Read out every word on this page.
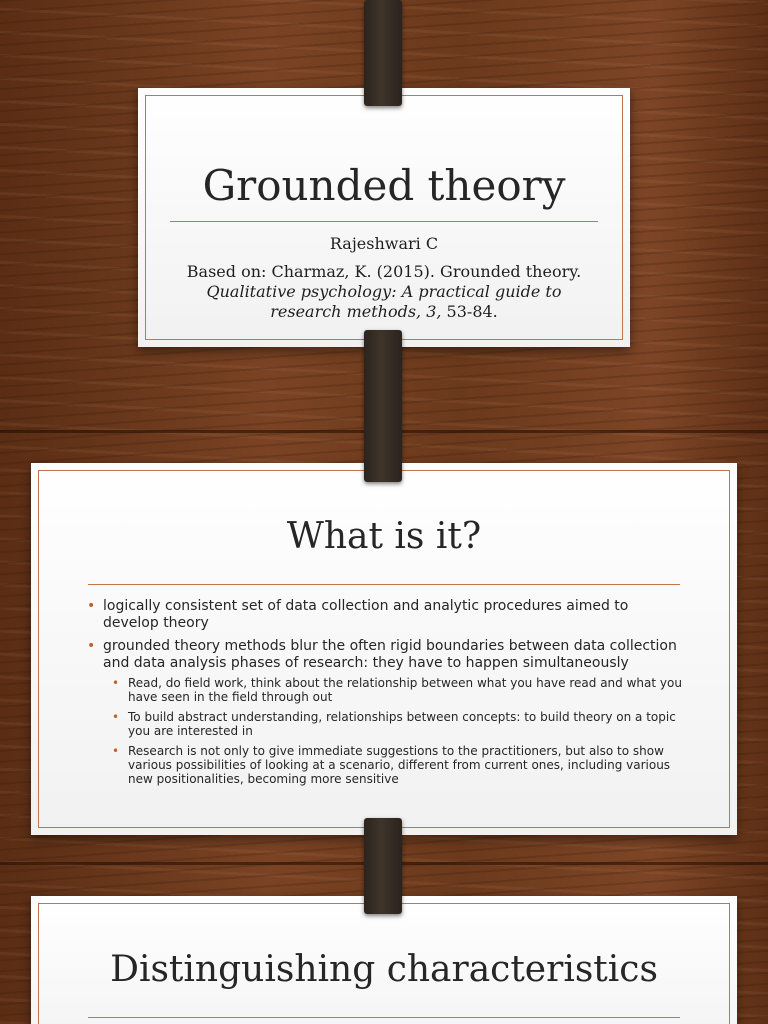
Grounded theory

Rajeshwari C

Based on: Charmaz, K. (2015). Grounded theory.
Qualitative psychology: A practical guide to
research methods, 3, 53-84.

What is it?
• logically consistent set of data collection and analytic procedures aimed to develop theory
• grounded theory methods blur the often rigid boundaries between data collection and data analysis phases of research: they have to happen simultaneously
• Read, do field work, think about the relationship between what you have read and what you have seen in the field through out
• To build abstract understanding, relationships between concepts: to build theory on a topic you are interested in
• Research is not only to give immediate suggestions to the practitioners, but also to show various possibilities of looking at a scenario, different from current ones, including various new positionalities, becoming more sensitive
Distinguishing characteristics
